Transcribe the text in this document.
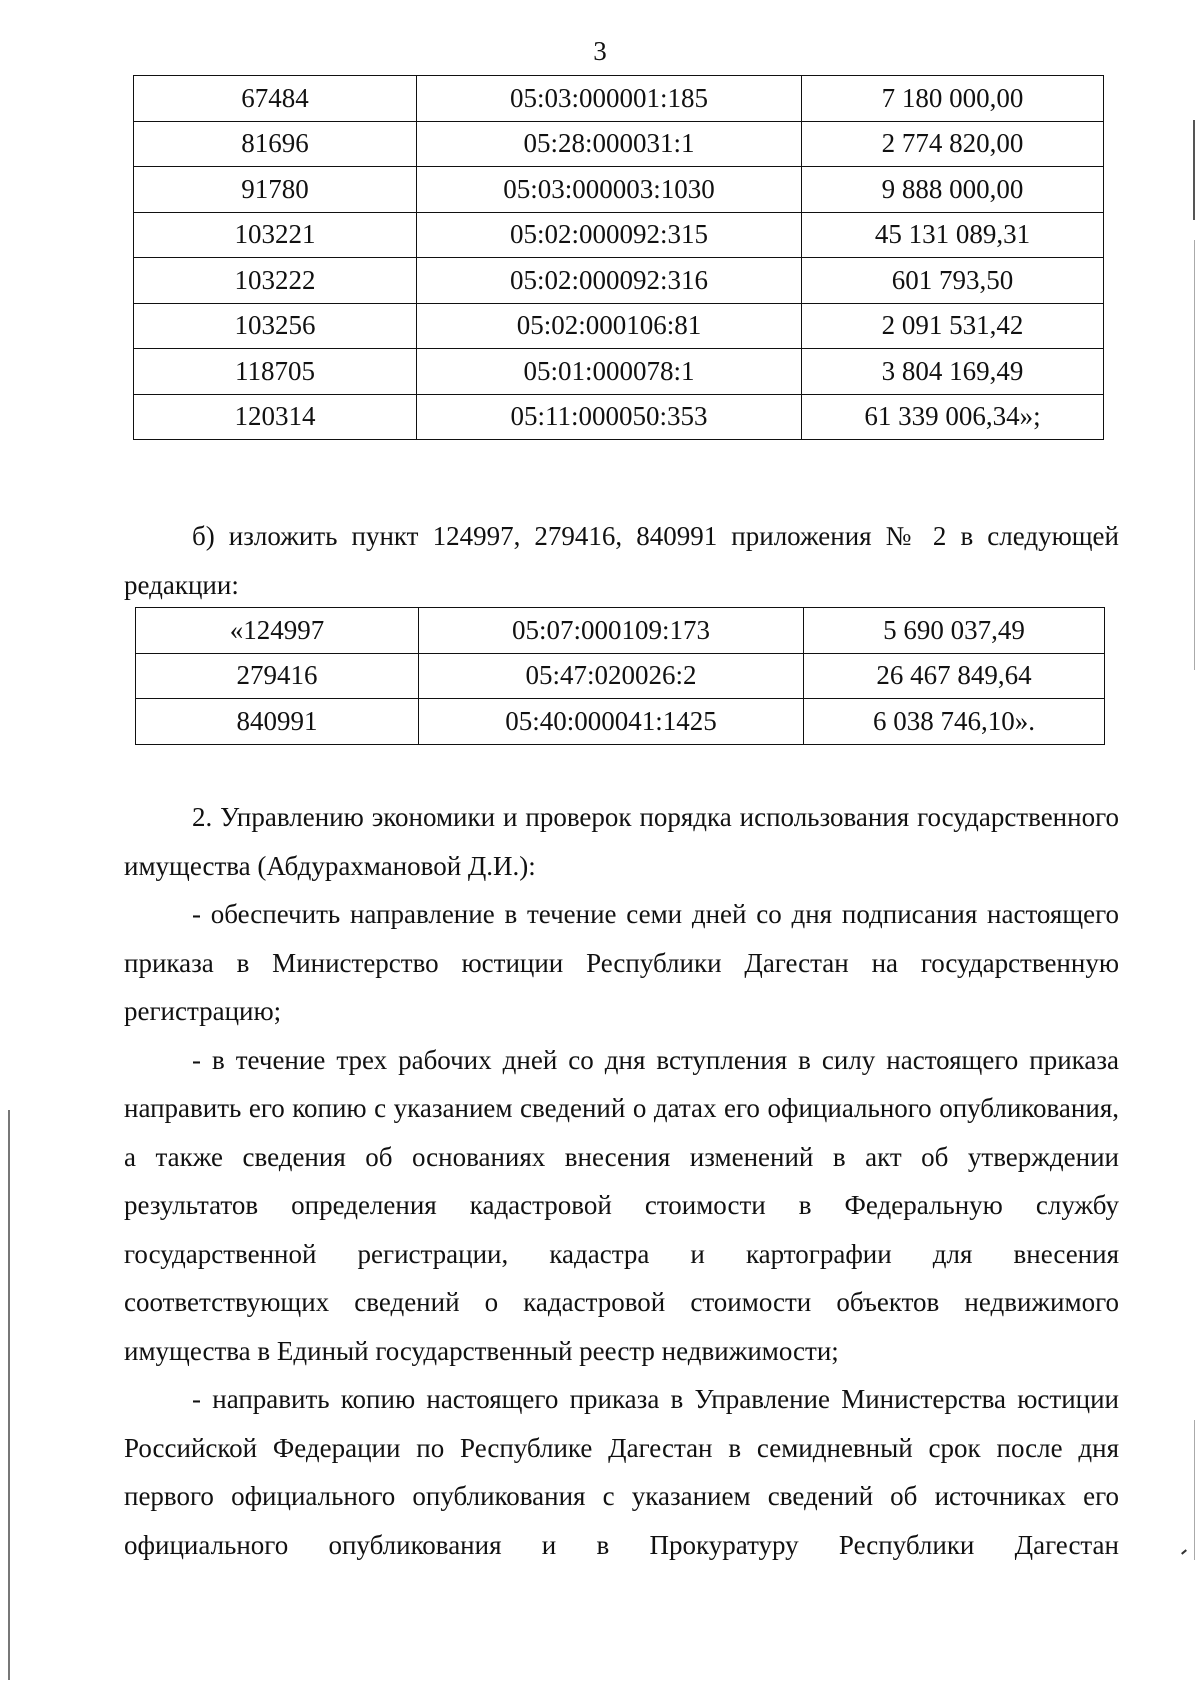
3
67484	05:03:000001:185	7 180 000,00
81696	05:28:000031:1	2 774 820,00
91780	05:03:000003:1030	9 888 000,00
103221	05:02:000092:315	45 131 089,31
103222	05:02:000092:316	601 793,50
103256	05:02:000106:81	2 091 531,42
118705	05:01:000078:1	3 804 169,49
120314	05:11:000050:353	61 339 006,34»;

б) изложить пункт 124997, 279416, 840991 приложения № 2 в следующей редакции:

«124997	05:07:000109:173	5 690 037,49
279416	05:47:020026:2	26 467 849,64
840991	05:40:000041:1425	6 038 746,10».

2. Управлению экономики и проверок порядка использования государственного имущества (Абдурахмановой Д.И.):

- обеспечить направление в течение семи дней со дня подписания настоящего приказа в Министерство юстиции Республики Дагестан на государственную регистрацию;

- в течение трех рабочих дней со дня вступления в силу настоящего приказа направить его копию с указанием сведений о датах его официального опубликования, а также сведения об основаниях внесения изменений в акт об утверждении результатов определения кадастровой стоимости в Федеральную службу государственной регистрации, кадастра и картографии для внесения соответствующих сведений о кадастровой стоимости объектов недвижимого имущества в Единый государственный реестр недвижимости;

- направить копию настоящего приказа в Управление Министерства юстиции Российской Федерации по Республике Дагестан в семидневный срок после дня первого официального опубликования с указанием сведений об источниках его официального опубликования и в Прокуратуру Республики Дагестан
